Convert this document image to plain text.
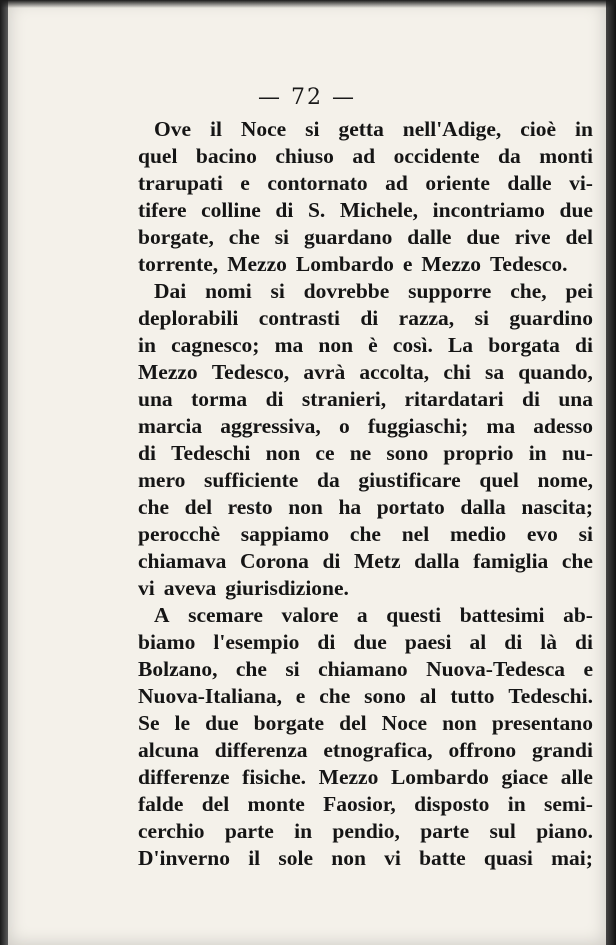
— 72 —
Ove il Noce si getta nell'Adige, cioè in
quel bacino chiuso ad occidente da monti
trarupati e contornato ad oriente dalle vi-
tifere colline di S. Michele, incontriamo due
borgate, che si guardano dalle due rive del
torrente, Mezzo Lombardo e Mezzo Tedesco.
Dai nomi si dovrebbe supporre che, pei
deplorabili contrasti di razza, si guardino
in cagnesco; ma non è così. La borgata di
Mezzo Tedesco, avrà accolta, chi sa quando,
una torma di stranieri, ritardatari di una
marcia aggressiva, o fuggiaschi; ma adesso
di Tedeschi non ce ne sono proprio in nu-
mero sufficiente da giustificare quel nome,
che del resto non ha portato dalla nascita;
perocchè sappiamo che nel medio evo si
chiamava Corona di Metz dalla famiglia che
vi aveva giurisdizione.
A scemare valore a questi battesimi ab-
biamo l'esempio di due paesi al di là di
Bolzano, che si chiamano Nuova-Tedesca e
Nuova-Italiana, e che sono al tutto Tedeschi.
Se le due borgate del Noce non presentano
alcuna differenza etnografica, offrono grandi
differenze fisiche. Mezzo Lombardo giace alle
falde del monte Faosior, disposto in semi-
cerchio parte in pendio, parte sul piano.
D'inverno il sole non vi batte quasi mai;
